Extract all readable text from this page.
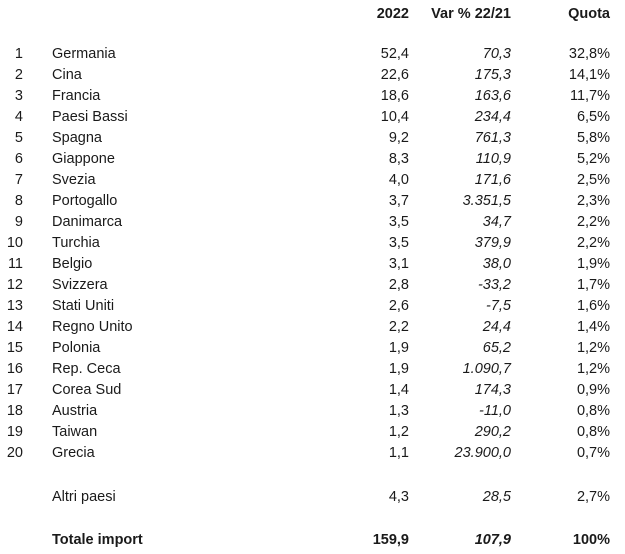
2022	Var % 22/21	Quota
1 Germania	52,4	70,3	32,8%
2 Cina	22,6	175,3	14,1%
3 Francia	18,6	163,6	11,7%
4 Paesi Bassi	10,4	234,4	6,5%
5 Spagna	9,2	761,3	5,8%
6 Giappone	8,3	110,9	5,2%
7 Svezia	4,0	171,6	2,5%
8 Portogallo	3,7	3.351,5	2,3%
9 Danimarca	3,5	34,7	2,2%
10 Turchia	3,5	379,9	2,2%
11 Belgio	3,1	38,0	1,9%
12 Svizzera	2,8	-33,2	1,7%
13 Stati Uniti	2,6	-7,5	1,6%
14 Regno Unito	2,2	24,4	1,4%
15 Polonia	1,9	65,2	1,2%
16 Rep. Ceca	1,9	1.090,7	1,2%
17 Corea Sud	1,4	174,3	0,9%
18 Austria	1,3	-11,0	0,8%
19 Taiwan	1,2	290,2	0,8%
20 Grecia	1,1	23.900,0	0,7%
Altri paesi	4,3	28,5	2,7%
Totale import	159,9	107,9	100%
